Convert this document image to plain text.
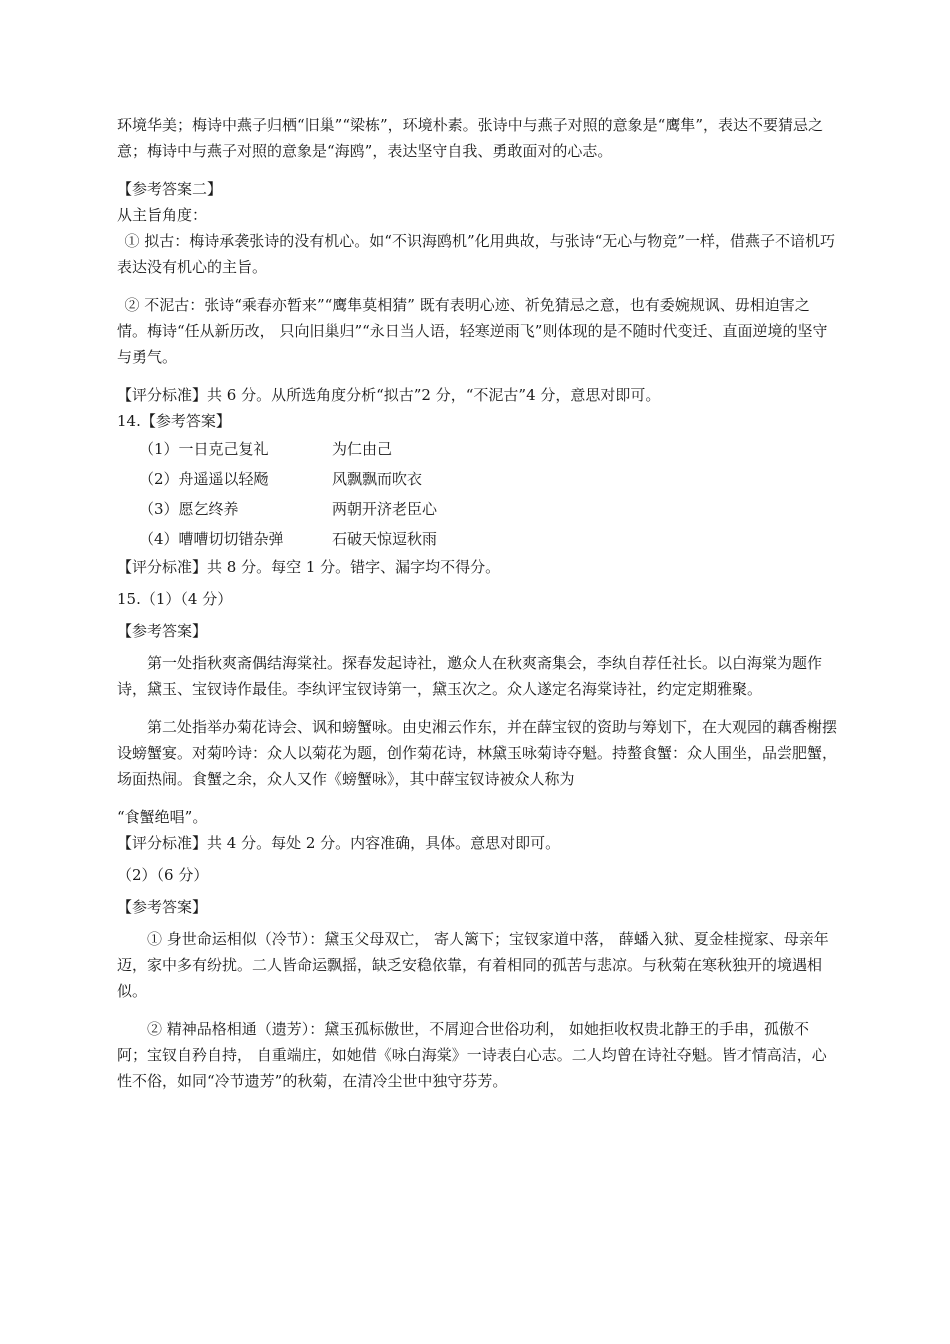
环境华美；梅诗中燕子归栖“旧巢”“梁栋”，环境朴素。张诗中与燕子对照的意象是“鹰隼”，表达不要猜忌之意；梅诗中与燕子对照的意象是“海鸥”，表达坚守自我、勇敢面对的心志。

【参考答案二】

从主旨角度：

① 拟古：梅诗承袭张诗的没有机心。如“不识海鸥机”化用典故，与张诗“无心与物竞”一样，借燕子不谙机巧表达没有机心的主旨。

② 不泥古：张诗“乘春亦暂来”“鹰隼莫相猜” 既有表明心迹、祈免猜忌之意，也有委婉规讽、毋相迫害之情。梅诗“任从新历改， 只向旧巢归”“永日当人语，轻寒逆雨飞”则体现的是不随时代变迁、直面逆境的坚守与勇气。

【评分标准】共 6 分。从所选角度分析“拟古”2 分，“不泥古”4 分，意思对即可。

14.【参考答案】

（1）一日克己复礼	为仁由己
（2）舟遥遥以轻飏	风飘飘而吹衣
（3）愿乞终养	两朝开济老臣心
（4）嘈嘈切切错杂弹	石破天惊逗秋雨

【评分标准】共 8 分。每空 1 分。错字、漏字均不得分。

15.（1）（4 分）

【参考答案】

第一处指秋爽斋偶结海棠社。探春发起诗社，邀众人在秋爽斋集会，李纨自荐任社长。以白海棠为题作诗，黛玉、宝钗诗作最佳。李纨评宝钗诗第一，黛玉次之。众人遂定名海棠诗社，约定定期雅聚。

第二处指举办菊花诗会、讽和螃蟹咏。由史湘云作东，并在薛宝钗的资助与筹划下，在大观园的藕香榭摆设螃蟹宴。对菊吟诗：众人以菊花为题，创作菊花诗，林黛玉咏菊诗夺魁。持螯食蟹：众人围坐，品尝肥蟹，场面热闹。食蟹之余，众人又作《螃蟹咏》，其中薛宝钗诗被众人称为

“食蟹绝唱”。

【评分标准】共 4 分。每处 2 分。内容准确，具体。意思对即可。

（2）（6 分）

【参考答案】

① 身世命运相似（冷节）：黛玉父母双亡， 寄人篱下；宝钗家道中落， 薛蟠入狱、夏金桂搅家、母亲年迈，家中多有纷扰。二人皆命运飘摇，缺乏安稳依靠，有着相同的孤苦与悲凉。与秋菊在寒秋独开的境遇相似。

② 精神品格相通（遗芳）：黛玉孤标傲世，不屑迎合世俗功利， 如她拒收权贵北静王的手串，孤傲不阿；宝钗自矜自持， 自重端庄，如她借《咏白海棠》一诗表白心志。二人均曾在诗社夺魁。皆才情高洁，心性不俗，如同“冷节遗芳”的秋菊，在清冷尘世中独守芬芳。
